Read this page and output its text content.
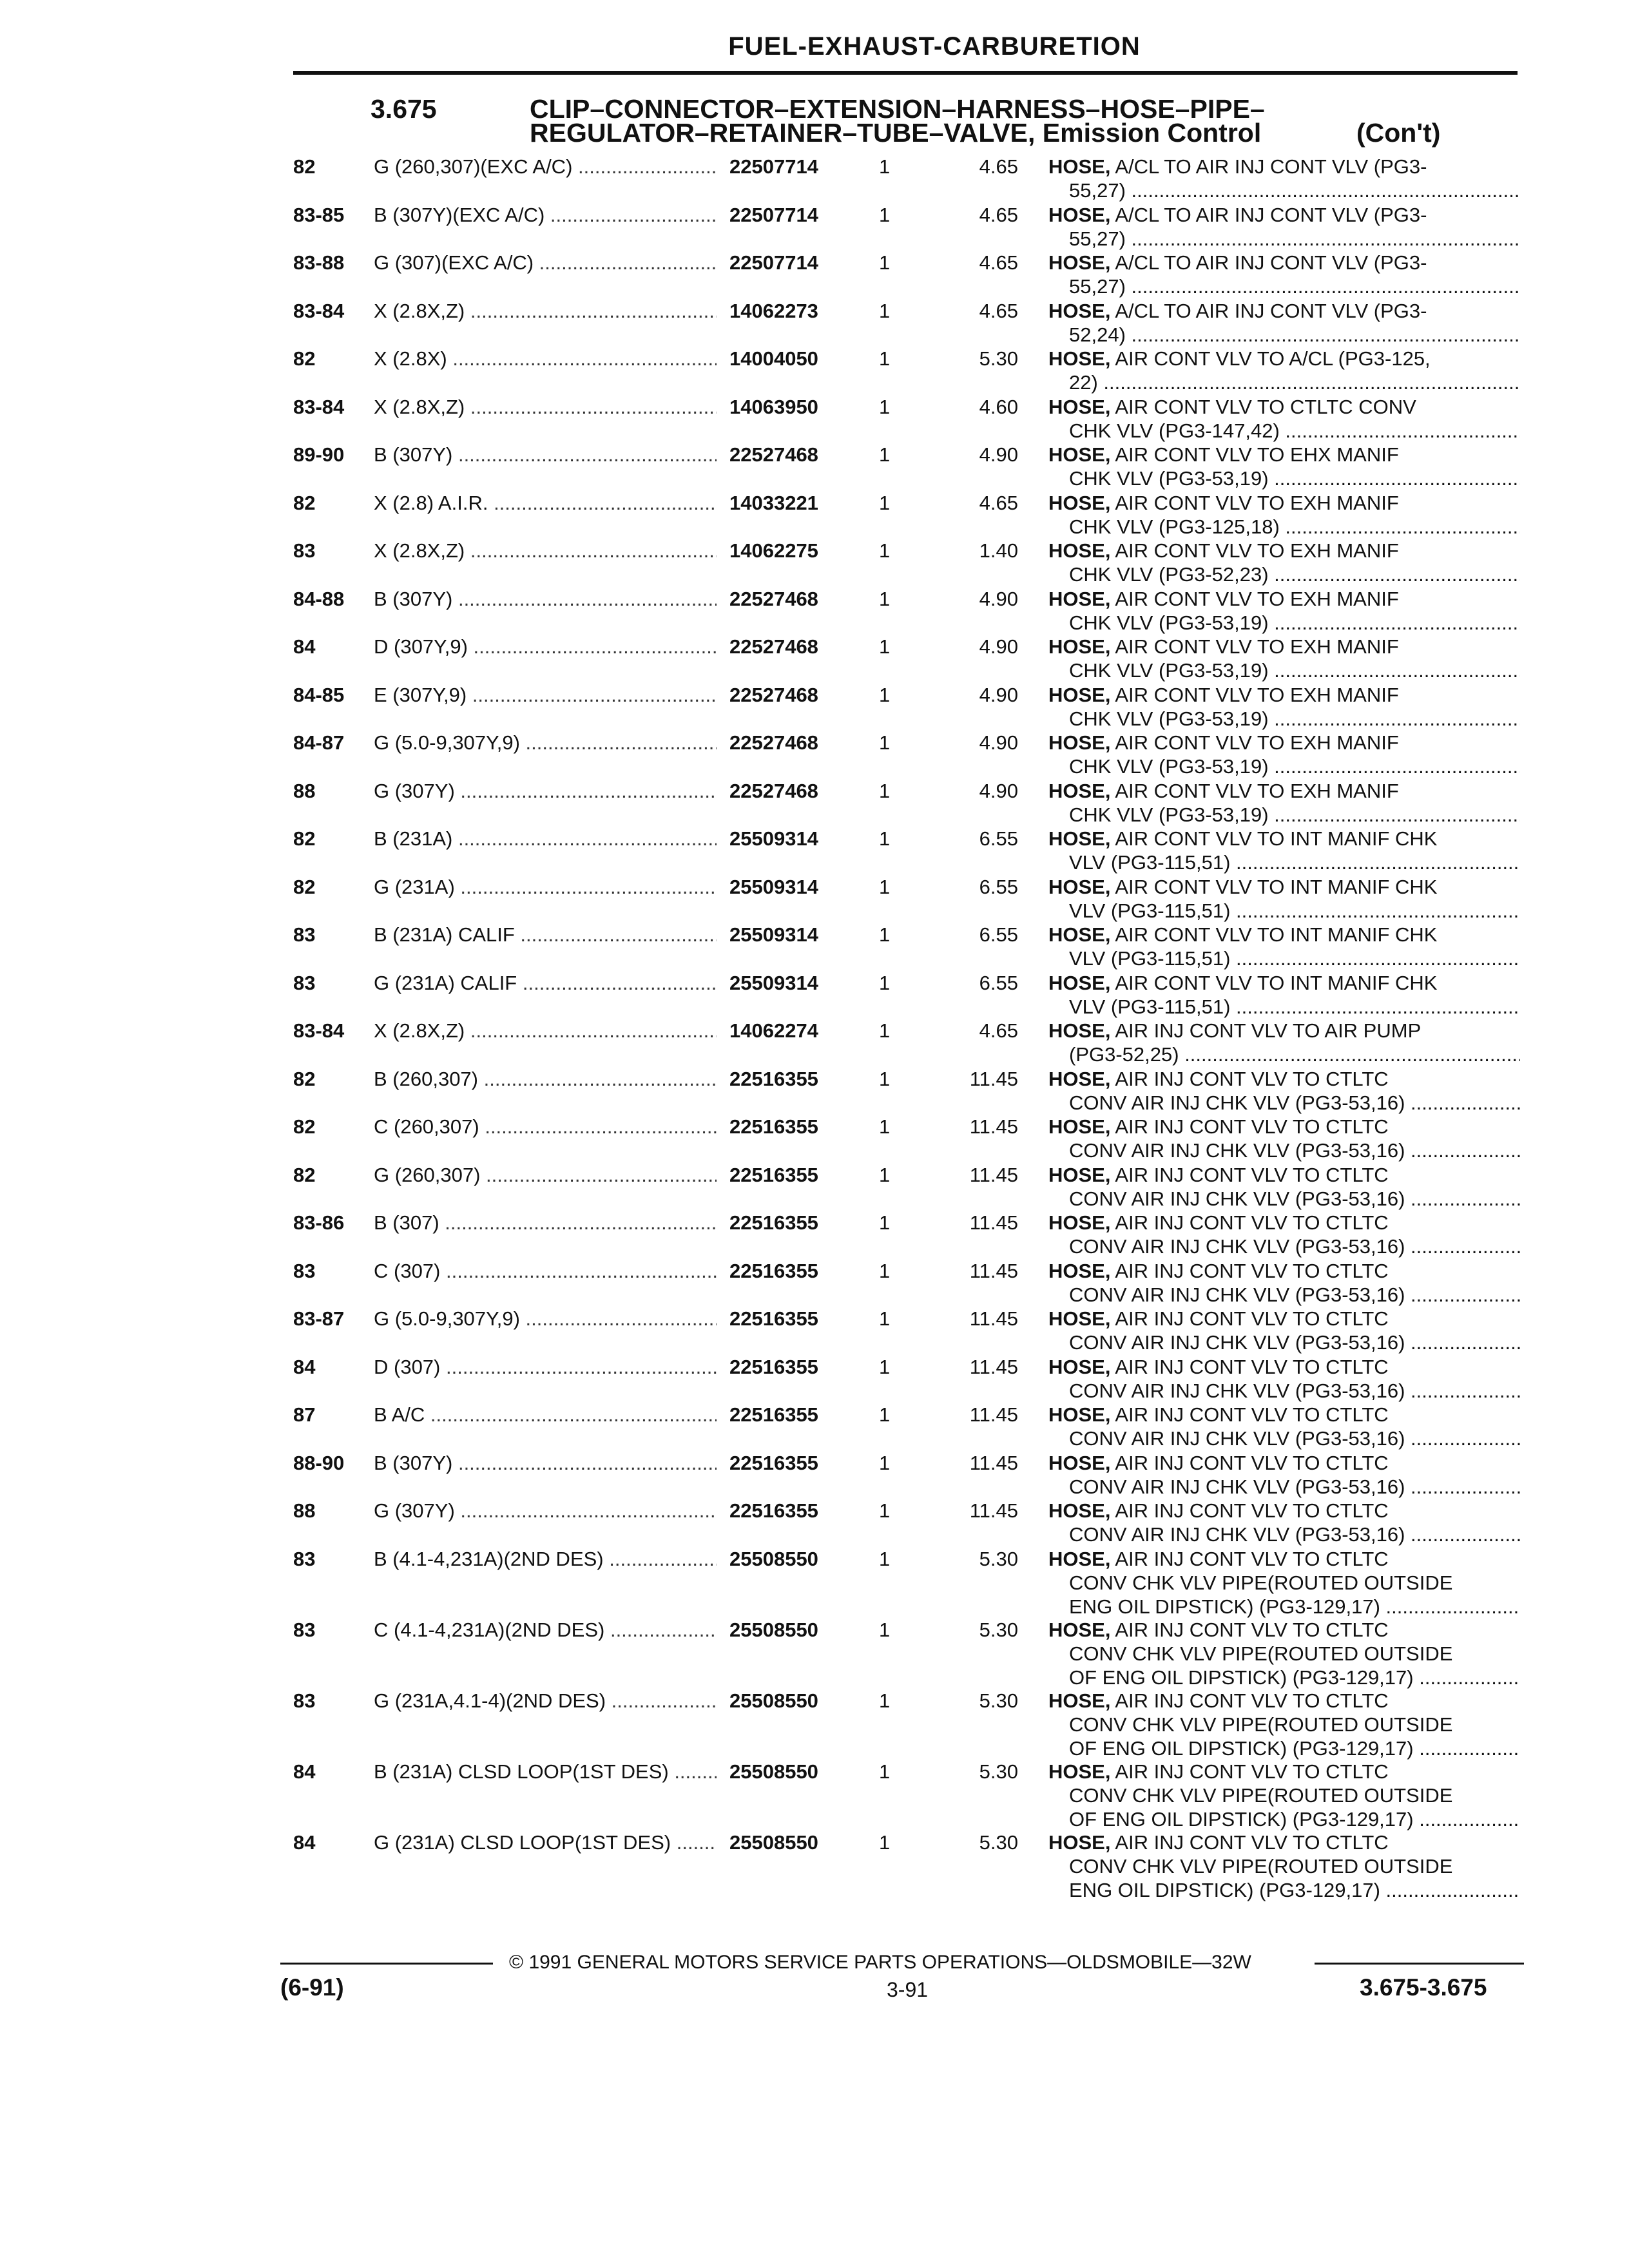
FUEL-EXHAUST-CARBURETION
3.675	CLIP–CONNECTOR–EXTENSION–HARNESS–HOSE–PIPE–
REGULATOR–RETAINER–TUBE–VALVE, Emission Control	(Con't)
82	G (260,307)(EXC A/C) .....	22507714	1	4.65 HOSE, A/CL TO AIR INJ CONT VLV (PG3-
55,27) .....
83-85 B (307Y)(EXC A/C) .....	22507714	1	4.65 HOSE, A/CL TO AIR INJ CONT VLV (PG3-
55,27) .....
83-88 G (307)(EXC A/C) .....	22507714	1	4.65 HOSE, A/CL TO AIR INJ CONT VLV (PG3-
55,27) .....
83-84 X (2.8X,Z) .....	14062273	1	4.65 HOSE, A/CL TO AIR INJ CONT VLV (PG3-
52,24) .....
82	X (2.8X) .....	14004050	1	5.30 HOSE, AIR CONT VLV TO A/CL (PG3-125,
22) .....
83-84 X (2.8X,Z) .....	14063950	1	4.60 HOSE, AIR CONT VLV TO CTLTC CONV
CHK VLV (PG3-147,42) .....
89-90 B (307Y) .....	22527468	1	4.90 HOSE, AIR CONT VLV TO EHX MANIF
CHK VLV (PG3-53,19) .....
82	X (2.8) A.I.R. .....	14033221	1	4.65 HOSE, AIR CONT VLV TO EXH MANIF
CHK VLV (PG3-125,18) .....
83	X (2.8X,Z) .....	14062275	1	1.40 HOSE, AIR CONT VLV TO EXH MANIF
CHK VLV (PG3-52,23) .....
84-88 B (307Y) .....	22527468	1	4.90 HOSE, AIR CONT VLV TO EXH MANIF
CHK VLV (PG3-53,19) .....
84	D (307Y,9) .....	22527468	1	4.90 HOSE, AIR CONT VLV TO EXH MANIF
CHK VLV (PG3-53,19) .....
84-85 E (307Y,9) .....	22527468	1	4.90 HOSE, AIR CONT VLV TO EXH MANIF
CHK VLV (PG3-53,19) .....
84-87 G (5.0-9,307Y,9) .....	22527468	1	4.90 HOSE, AIR CONT VLV TO EXH MANIF
CHK VLV (PG3-53,19) .....
88	G (307Y) .....	22527468	1	4.90 HOSE, AIR CONT VLV TO EXH MANIF
CHK VLV (PG3-53,19) .....
82	B (231A) .....	25509314	1	6.55 HOSE, AIR CONT VLV TO INT MANIF CHK
VLV (PG3-115,51) .....
82	G (231A) .....	25509314	1	6.55 HOSE, AIR CONT VLV TO INT MANIF CHK
VLV (PG3-115,51) .....
83	B (231A) CALIF .....	25509314	1	6.55 HOSE, AIR CONT VLV TO INT MANIF CHK
VLV (PG3-115,51) .....
83	G (231A) CALIF .....	25509314	1	6.55 HOSE, AIR CONT VLV TO INT MANIF CHK
VLV (PG3-115,51) .....
83-84 X (2.8X,Z) .....	14062274	1	4.65 HOSE, AIR INJ CONT VLV TO AIR PUMP
(PG3-52,25) .....
82	B (260,307) .....	22516355	1	11.45 HOSE, AIR INJ CONT VLV TO CTLTC
CONV AIR INJ CHK VLV (PG3-53,16) .....
82	C (260,307) .....	22516355	1	11.45 HOSE, AIR INJ CONT VLV TO CTLTC
CONV AIR INJ CHK VLV (PG3-53,16) .....
82	G (260,307) .....	22516355	1	11.45 HOSE, AIR INJ CONT VLV TO CTLTC
CONV AIR INJ CHK VLV (PG3-53,16) .....
83-86 B (307) .....	22516355	1	11.45 HOSE, AIR INJ CONT VLV TO CTLTC
CONV AIR INJ CHK VLV (PG3-53,16) .....
83	C (307) .....	22516355	1	11.45 HOSE, AIR INJ CONT VLV TO CTLTC
CONV AIR INJ CHK VLV (PG3-53,16) .....
83-87 G (5.0-9,307Y,9) .....	22516355	1	11.45 HOSE, AIR INJ CONT VLV TO CTLTC
CONV AIR INJ CHK VLV (PG3-53,16) .....
84	D (307) .....	22516355	1	11.45 HOSE, AIR INJ CONT VLV TO CTLTC
CONV AIR INJ CHK VLV (PG3-53,16) .....
87	B A/C .....	22516355	1	11.45 HOSE, AIR INJ CONT VLV TO CTLTC
CONV AIR INJ CHK VLV (PG3-53,16) .....
88-90 B (307Y) .....	22516355	1	11.45 HOSE, AIR INJ CONT VLV TO CTLTC
CONV AIR INJ CHK VLV (PG3-53,16) .....
88	G (307Y) .....	22516355	1	11.45 HOSE, AIR INJ CONT VLV TO CTLTC
CONV AIR INJ CHK VLV (PG3-53,16) .....
83	B (4.1-4,231A)(2ND DES) .....	25508550	1	5.30 HOSE, AIR INJ CONT VLV TO CTLTC
CONV CHK VLV PIPE(ROUTED OUTSIDE
ENG OIL DIPSTICK) (PG3-129,17) .....
83	C (4.1-4,231A)(2ND DES) .....	25508550	1	5.30 HOSE, AIR INJ CONT VLV TO CTLTC
CONV CHK VLV PIPE(ROUTED OUTSIDE
OF ENG OIL DIPSTICK) (PG3-129,17) .....
83	G (231A,4.1-4)(2ND DES) .....	25508550	1	5.30 HOSE, AIR INJ CONT VLV TO CTLTC
CONV CHK VLV PIPE(ROUTED OUTSIDE
OF ENG OIL DIPSTICK) (PG3-129,17) .....
84	B (231A) CLSD LOOP(1ST DES) .....	25508550	1	5.30 HOSE, AIR INJ CONT VLV TO CTLTC
CONV CHK VLV PIPE(ROUTED OUTSIDE
OF ENG OIL DIPSTICK) (PG3-129,17) .....
84	G (231A) CLSD LOOP(1ST DES) .....	25508550	1	5.30 HOSE, AIR INJ CONT VLV TO CTLTC
CONV CHK VLV PIPE(ROUTED OUTSIDE
ENG OIL DIPSTICK) (PG3-129,17) .....
© 1991 GENERAL MOTORS SERVICE PARTS OPERATIONS—OLDSMOBILE—32W
(6-91)	3-91	3.675-3.675
